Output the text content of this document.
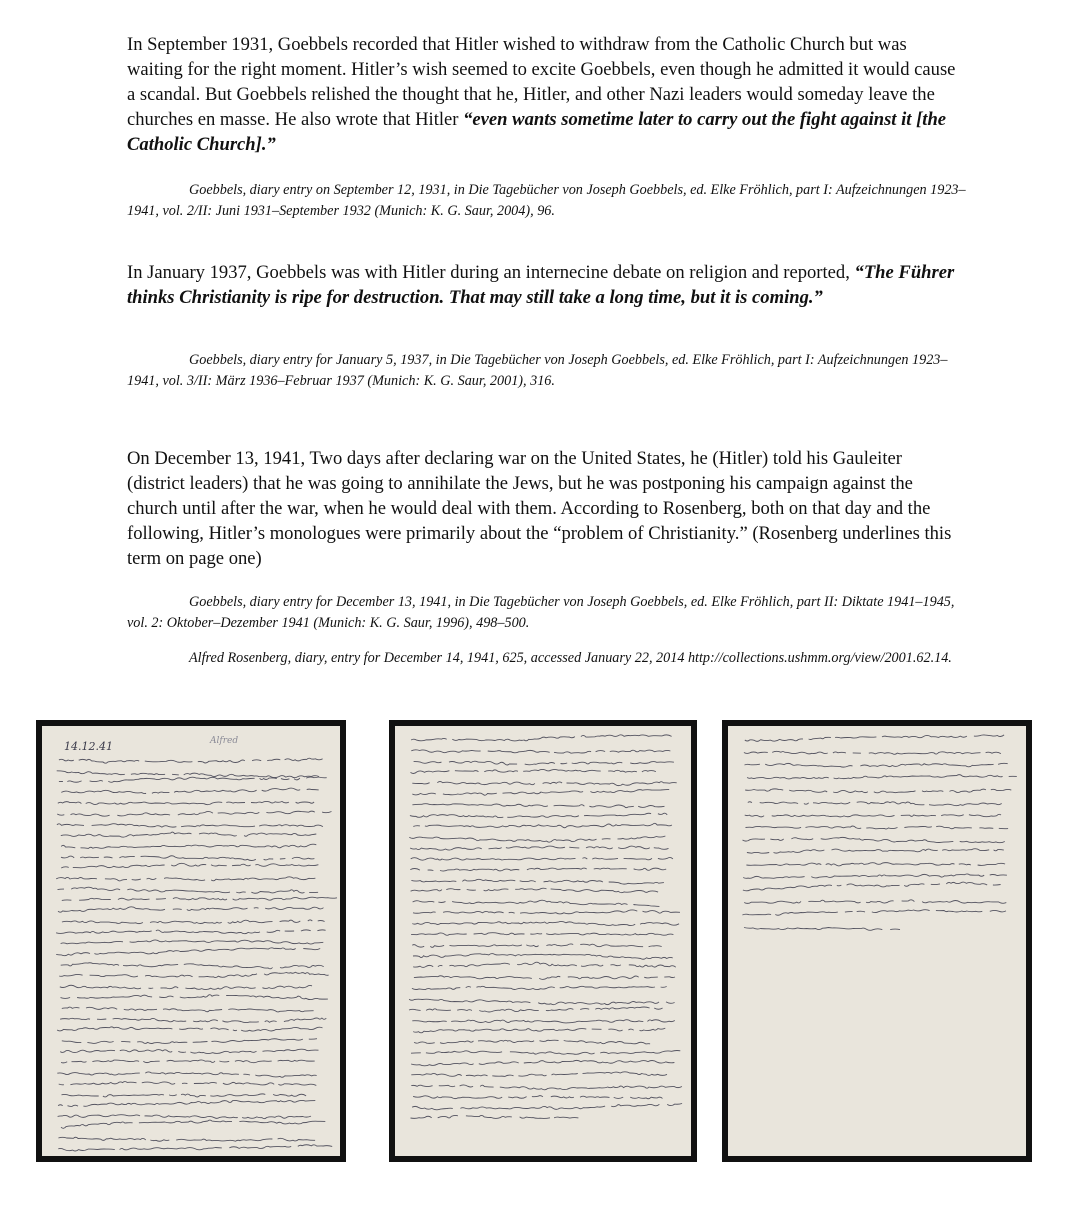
In September 1931, Goebbels recorded that Hitler wished to withdraw from the Catholic Church but was waiting for the right moment. Hitler’s wish seemed to excite Goebbels, even though he admitted it would cause a scandal. But Goebbels relished the thought that he, Hitler, and other Nazi leaders would someday leave the churches en masse. He also wrote that Hitler “even wants sometime later to carry out the fight against it [the Catholic Church].”
Goebbels, diary entry on September 12, 1931, in Die Tagebücher von Joseph Goebbels, ed. Elke Fröhlich, part I: Aufzeichnungen 1923– 1941, vol. 2/II: Juni 1931–September 1932 (Munich: K. G. Saur, 2004), 96.
In January 1937, Goebbels was with Hitler during an internecine debate on religion and reported, “The Führer thinks Christianity is ripe for destruction. That may still take a long time, but it is coming.”
Goebbels, diary entry for January 5, 1937, in Die Tagebücher von Joseph Goebbels, ed. Elke Fröhlich, part I: Aufzeichnungen 1923– 1941, vol. 3/II: März 1936–Februar 1937 (Munich: K. G. Saur, 2001), 316.
On December 13, 1941, Two days after declaring war on the United States, he (Hitler) told his Gauleiter (district leaders) that he was going to annihilate the Jews, but he was postponing his campaign against the church until after the war, when he would deal with them. According to Rosenberg, both on that day and the following, Hitler’s monologues were primarily about the “problem of Christianity.” (Rosenberg underlines this term on page one)
Goebbels, diary entry for December 13, 1941, in Die Tagebücher von Joseph Goebbels, ed. Elke Fröhlich, part II: Diktate 1941–1945, vol. 2: Oktober–Dezember 1941 (Munich: K. G. Saur, 1996), 498–500.
Alfred Rosenberg, diary, entry for December 14, 1941, 625, accessed January 22, 2014 http://collections.ushmm.org/view/2001.62.14.
14.12.41	Alfred
